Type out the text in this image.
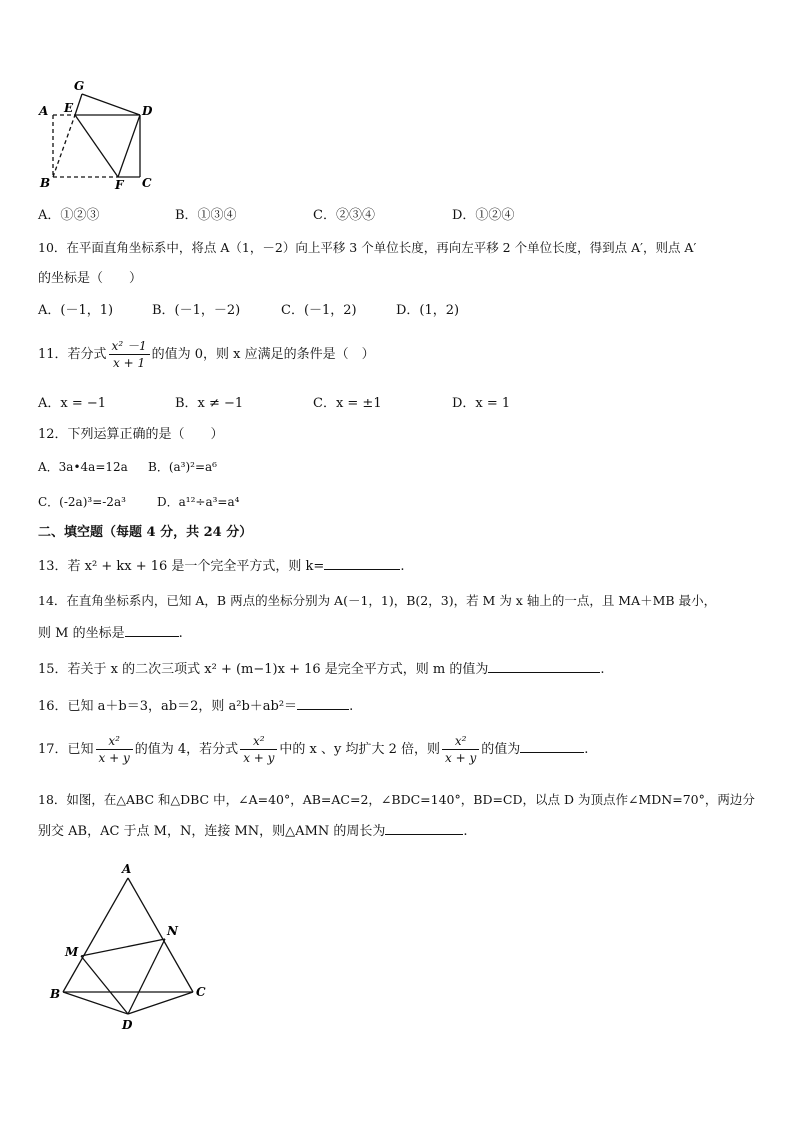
G
A E	D
B	F C
A．①②③	B．①③④	C．②③④	D．①②④
10．在平面直角坐标系中，将点 A（1，－2）向上平移 3 个单位长度，再向左平移 2 个单位长度，得到点 A′，则点 A′
的坐标是（　　）
A．(－1，1)	B．(－1，－2)	C．(－1，2)	D．(1，2)
11．若分式 $\frac{\text{x² －1}}{x + 1}$ 的值为 0，则 x 应满足的条件是（　）
A．x = −1	B．x ≠ −1	C．x = ±1	D．x = 1
12．下列运算正确的是（　　）
A．3a•4a=12a B．(a³)²=a⁶
C．(-2a)³=-2a³	D．a¹²÷a³=a⁴
二、填空题（每题 4 分，共 24 分）
13．若 x² + kx + 16 是一个完全平方式，则 k=	.
14．在直角坐标系内，已知 A，B 两点的坐标分别为 A(－1，1)，B(2，3)，若 M 为 x 轴上的一点，且 MA＋MB 最小，
则 M 的坐标是	.
15．若关于 x 的二次三项式 x² + (m−1)x + 16 是完全平方式，则 m 的值为	.
16．已知 a＋b＝3，ab＝2，则 a²b＋ab²＝	.
17．已知 $\frac{\text{x²}}{x + y}$ 的值为 4，若分式 $\frac{\text{x²}}{x + y}$ 中的 x 、y 均扩大 2 倍，则 $\frac{\text{x²}}{x + y}$ 的值为	.
18．如图，在△ABC 和△DBC 中，∠A=40°，AB=AC=2，∠BDC=140°，BD=CD，以点 D 为顶点作∠MDN=70°，两边分
别交 AB，AC 于点 M，N，连接 MN，则△AMN 的周长为	.
A
M
N
B	C
D
